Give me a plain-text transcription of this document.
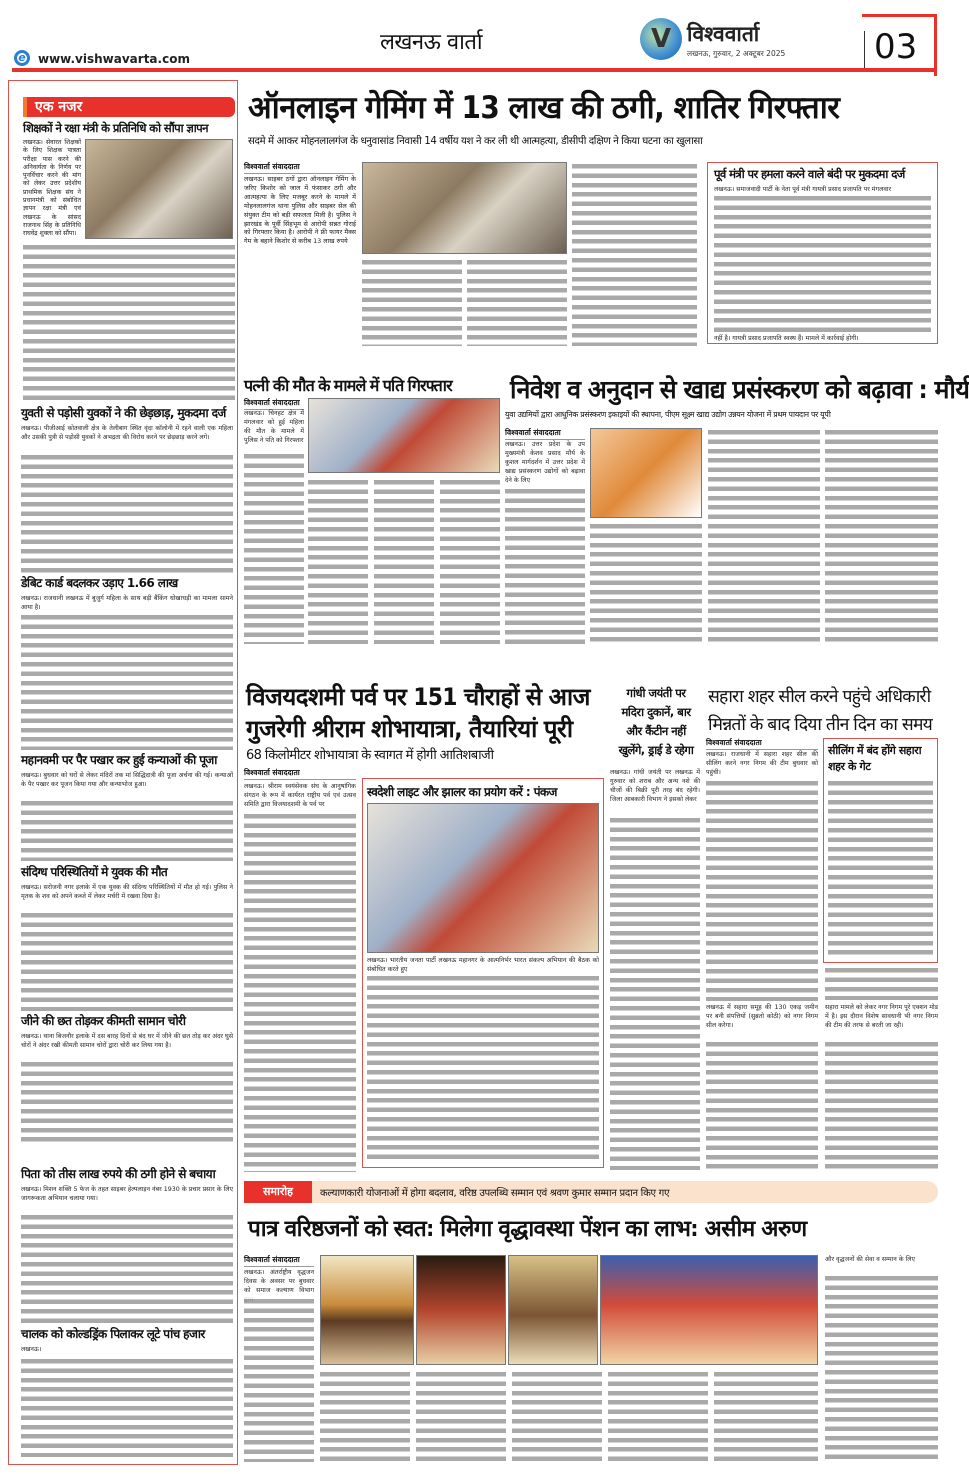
लखनऊ वार्ता
e	www.vishwavarta.com
V विश्ववार्ता
लखनऊ, गुरुवार, 2 अक्टूबर 2025	03
एक नजर
शिक्षकों ने रक्षा मंत्री के प्रतिनिधि को सौंपा ज्ञापन
लखनऊ। सेवारत शिक्षकों के लिए शिक्षक पात्रता परीक्षा पास करने की अनिवार्यता के निर्णय पर पुनर्विचार करने की मांग को लेकर उत्तर प्रदेशीय प्राथमिक शिक्षक संघ ने प्रधानमंत्री को संबोधित ज्ञापन रक्षा मंत्री एवं लखनऊ के सांसद राजनाथ सिंह के प्रतिनिधि राघवेंद्र शुक्ला को सौंपा।
युवती से पड़ोसी युवकों ने की छेड़छाड़, मुकदमा दर्ज
लखनऊ। पीजीआई कोतवाली क्षेत्र के तेलीबाग स्थित वृंदा कॉलोनी में रहने वाली एक महिला और उसकी पुत्री से पड़ोसी युवकों ने अभद्रता की विरोध करने पर छेड़छाड़ करने लगे।
डेबिट कार्ड बदलकर उड़ाए 1.66 लाख
लखनऊ। राजधानी लखनऊ में बुजुर्ग महिला के साथ बड़ी बैंकिंग धोखाधड़ी का मामला सामने आया है।
महानवमी पर पैर पखार कर हुई कन्याओं की पूजा
लखनऊ। बुधवार को घरों से लेकर मंदिरों तक मां सिद्धिदात्री की पूजा अर्चना की गई। कन्याओं के पैर पखार कर पूजन किया गया और कन्याभोज हुआ।
संदिग्ध परिस्थितियों मे युवक की मौत
लखनऊ। सरोजनी नगर इलाके में एक युवक की संदिग्ध परिस्थितियों में मौत हो गई। पुलिस ने मृतक के शव को अपने कब्जे में लेकर मर्चरी में रखवा दिया है।
जीने की छत तोड़कर कीमती सामान चोरी
लखनऊ। थाना बिजनौर इलाके में दस बारह दिनों से बंद घर में जीने की छत तोड़ कर अंदर घुसे चोरों ने अंदर रखी कीमती सामान चोरों द्वारा चोरी कर लिया गया है।
पिता को तीस लाख रुपये की ठगी होने से बचाया
लखनऊ। मिशन शक्ति 5 फेज के तहत साइबर हेल्पलाइन नंबर 1930 के प्रचार प्रसार के लिए जागरूकता अभियान चलाया गया।
चालक को कोल्डड्रिंक पिलाकर लूटे पांच हजार
लखनऊ।
ऑनलाइन गेमिंग में 13 लाख की ठगी, शातिर गिरफ्तार
सदमे में आकर मोहनलालगंज के धनुवासांड निवासी 14 वर्षीय यश ने कर ली थी आत्महत्या, डीसीपी दक्षिण ने किया घटना का खुलासा
विश्ववार्ता संवाददाता
लखनऊ। साइबर ठगों द्वारा ऑनलाइन गेमिंग के जरिए किशोर को जाल में फंसाकर ठगी और आत्महत्या के लिए मजबूर करने के मामले में मोहनलालगंज थाना पुलिस और साइबर सेल की संयुक्त टीम को बड़ी सफलता मिली है। पुलिस ने झारखंड के पूर्वी सिंहभूम से आरोपी सन्नत गोराई को गिरफ्तार किया है। आरोपी ने फ्री फायर मैक्स गेम के बहाने किशोर से करीब 13 लाख रुपये
पूर्व मंत्री पर हमला करने वाले बंदी पर मुकदमा दर्ज
लखनऊ। समाजवादी पार्टी के नेता पूर्व मंत्री गायत्री प्रसाद प्रजापति पर मंगलवार
नहीं है। गायत्री प्रसाद प्रजापति स्वस्थ हैं। मामले में कार्रवाई होगी।
पत्नी की मौत के मामले में पति गिरफ्तार
विश्ववार्ता संवाददाता
लखनऊ। चिनहट क्षेत्र में मंगलवार को हुई महिला की मौत के मामले में पुलिस ने पति को गिरफ्तार
निवेश व अनुदान से खाद्य प्रसंस्करण को बढ़ावा : मौर्य
युवा उद्यमियों द्वारा आधुनिक प्रसंस्करण इकाइयों की स्थापना, पीएम सूक्ष्म खाद्य उद्योग उन्नयन योजना में प्रथम पायदान पर यूपी
विश्ववार्ता संवाददाता
लखनऊ। उत्तर प्रदेश के उप मुख्यमंत्री केशव प्रसाद मौर्य के कुशल मार्गदर्शन में उत्तर प्रदेश में खाद्य प्रसंस्करण उद्योगों को बढ़ावा देने के लिए
विजयदशमी पर्व पर 151 चौराहों से आज
गुजरेगी श्रीराम शोभायात्रा, तैयारियां पूरी
68 किलोमीटर शोभायात्रा के स्वागत में होगी आतिशबाजी
विश्ववार्ता संवाददाता
लखनऊ। श्रीराम स्वयंसेवक संघ के आनुषांगिक संगठन के रूप में कार्यरत राष्ट्रीय पर्व एवं उत्सव समिति द्वारा विजयादशमी के पर्व पर
स्वदेशी लाइट और झालर का प्रयोग करें : पंकज
लखनऊ। भारतीय जनता पार्टी लखनऊ महानगर के आत्मनिर्भर भारत संकल्प अभियान की बैठक को संबोधित करते हुए
गांधी जयंती पर मदिरा दुकानें, बार और कैंटीन नहीं खुलेंगे, ड्राई डे रहेगा
लखनऊ। गांधी जयंती पर लखनऊ में गुरुवार को शराब और अन्य नशे की चीजों की बिक्री पूरी तरह बंद रहेगी। जिला आबकारी विभाग ने इसको लेकर
सहारा शहर सील करने पहुंचे अधिकारी
मिन्नतों के बाद दिया तीन दिन का समय
विश्ववार्ता संवाददाता
लखनऊ। राजधानी में सहारा शहर सील की सीलिंग करने नगर निगम की टीम बुधवार को पहुंची।
लखनऊ में सहारा समूह की 130 एकड़ जमीन पर बनी संपत्तियों (सुब्रतो कोठी) को नगर निगम सील करेगा।
सीलिंग में बंद होंगे सहारा शहर के गेट
सहारा मामले को लेकर नगर निगम पूरे एक्शन मोड में है। इस दौरान विशेष सावधानी भी नगर निगम की टीम की तरफ से बरती जा रही।
समारोह	कल्याणकारी योजनाओं में होगा बदलाव, वरिष्ठ उपलब्धि सम्मान एवं श्रवण कुमार सम्मान प्रदान किए गए
पात्र वरिष्ठजनों को स्वत: मिलेगा वृद्धावस्था पेंशन का लाभ: असीम अरुण
विश्ववार्ता संवाददाता
लखनऊ। अंतर्राष्ट्रीय वृद्धजन दिवस के अवसर पर बुधवार को समाज कल्याण विभाग
और वृद्धजनों की सेवा व सम्मान के लिए
